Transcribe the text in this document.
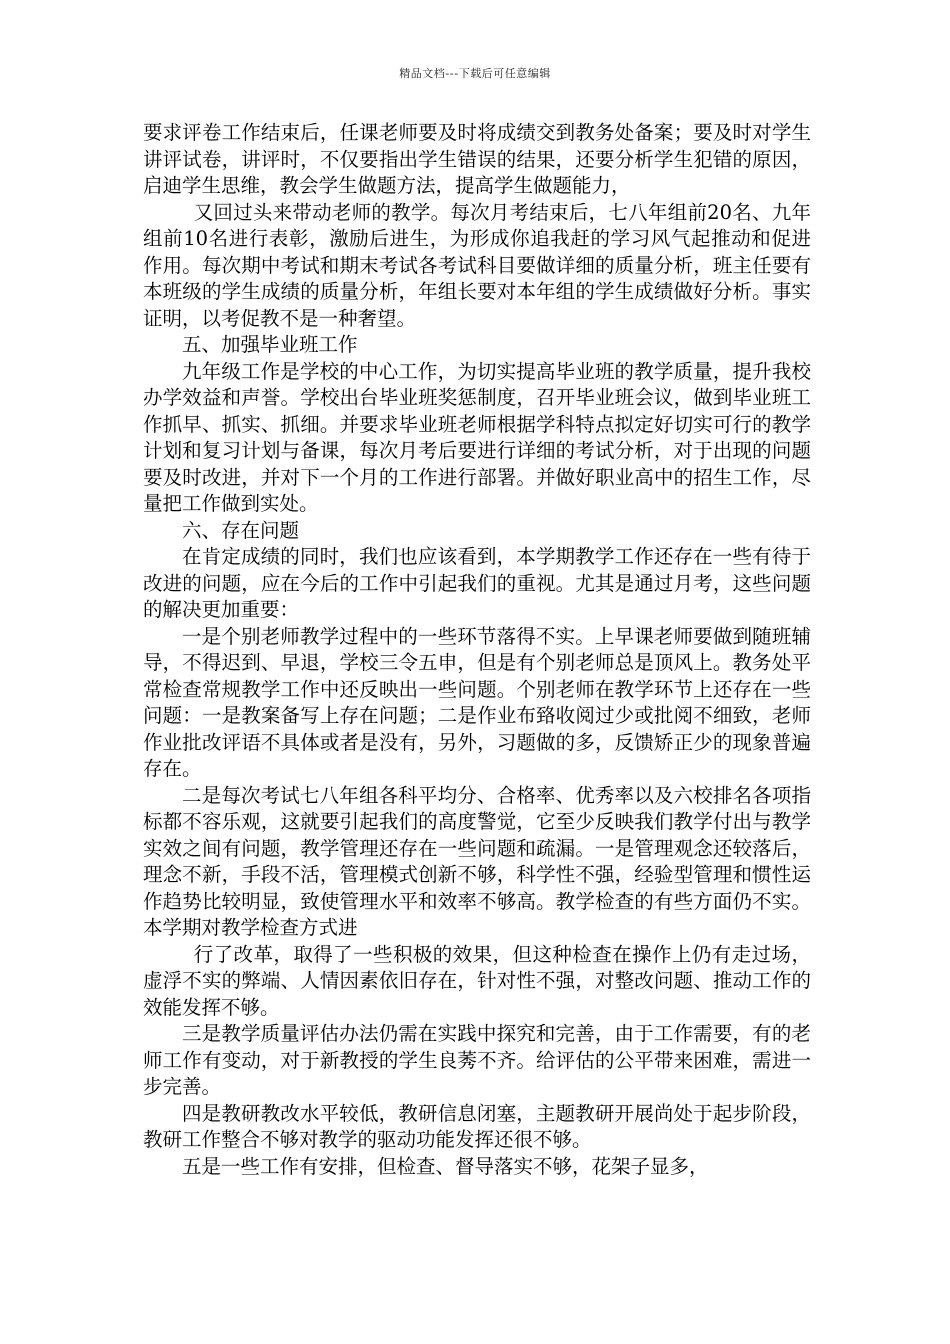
精品文档---下载后可任意编辑

要求评卷工作结束后，任课老师要及时将成绩交到教务处备案；要及时对学生讲评试卷，讲评时，不仅要指出学生错误的结果，还要分析学生犯错的原因，启迪学生思维，教会学生做题方法，提高学生做题能力，

又回过头来带动老师的教学。每次月考结束后，七八年组前20名、九年组前10名进行表彰，激励后进生，为形成你追我赶的学习风气起推动和促进作用。每次期中考试和期末考试各考试科目要做详细的质量分析，班主任要有本班级的学生成绩的质量分析，年组长要对本年组的学生成绩做好分析。事实证明，以考促教不是一种奢望。

五、加强毕业班工作

九年级工作是学校的中心工作，为切实提高毕业班的教学质量，提升我校办学效益和声誉。学校出台毕业班奖惩制度，召开毕业班会议，做到毕业班工作抓早、抓实、抓细。并要求毕业班老师根据学科特点拟定好切实可行的教学计划和复习计划与备课，每次月考后要进行详细的考试分析，对于出现的问题要及时改进，并对下一个月的工作进行部署。并做好职业高中的招生工作，尽量把工作做到实处。

六、存在问题

在肯定成绩的同时，我们也应该看到，本学期教学工作还存在一些有待于改进的问题，应在今后的工作中引起我们的重视。尤其是通过月考，这些问题的解决更加重要：

一是个别老师教学过程中的一些环节落得不实。上早课老师要做到随班辅导，不得迟到、早退，学校三令五申，但是有个别老师总是顶风上。教务处平常检查常规教学工作中还反映出一些问题。个别老师在教学环节上还存在一些问题：一是教案备写上存在问题；二是作业布臵收阅过少或批阅不细致，老师作业批改评语不具体或者是没有，另外，习题做的多，反馈矫正少的现象普遍存在。

二是每次考试七八年组各科平均分、合格率、优秀率以及六校排名各项指标都不容乐观，这就要引起我们的高度警觉，它至少反映我们教学付出与教学实效之间有问题，教学管理还存在一些问题和疏漏。一是管理观念还较落后，理念不新，手段不活，管理模式创新不够，科学性不强，经验型管理和惯性运作趋势比较明显，致使管理水平和效率不够高。教学检查的有些方面仍不实。本学期对教学检查方式进

行了改革，取得了一些积极的效果，但这种检查在操作上仍有走过场，虚浮不实的弊端、人情因素依旧存在，针对性不强，对整改问题、推动工作的效能发挥不够。

三是教学质量评估办法仍需在实践中探究和完善，由于工作需要，有的老师工作有变动，对于新教授的学生良莠不齐。给评估的公平带来困难，需进一步完善。

四是教研教改水平较低，教研信息闭塞，主题教研开展尚处于起步阶段，教研工作整合不够对教学的驱动功能发挥还很不够。

五是一些工作有安排，但检查、督导落实不够，花架子显多，
